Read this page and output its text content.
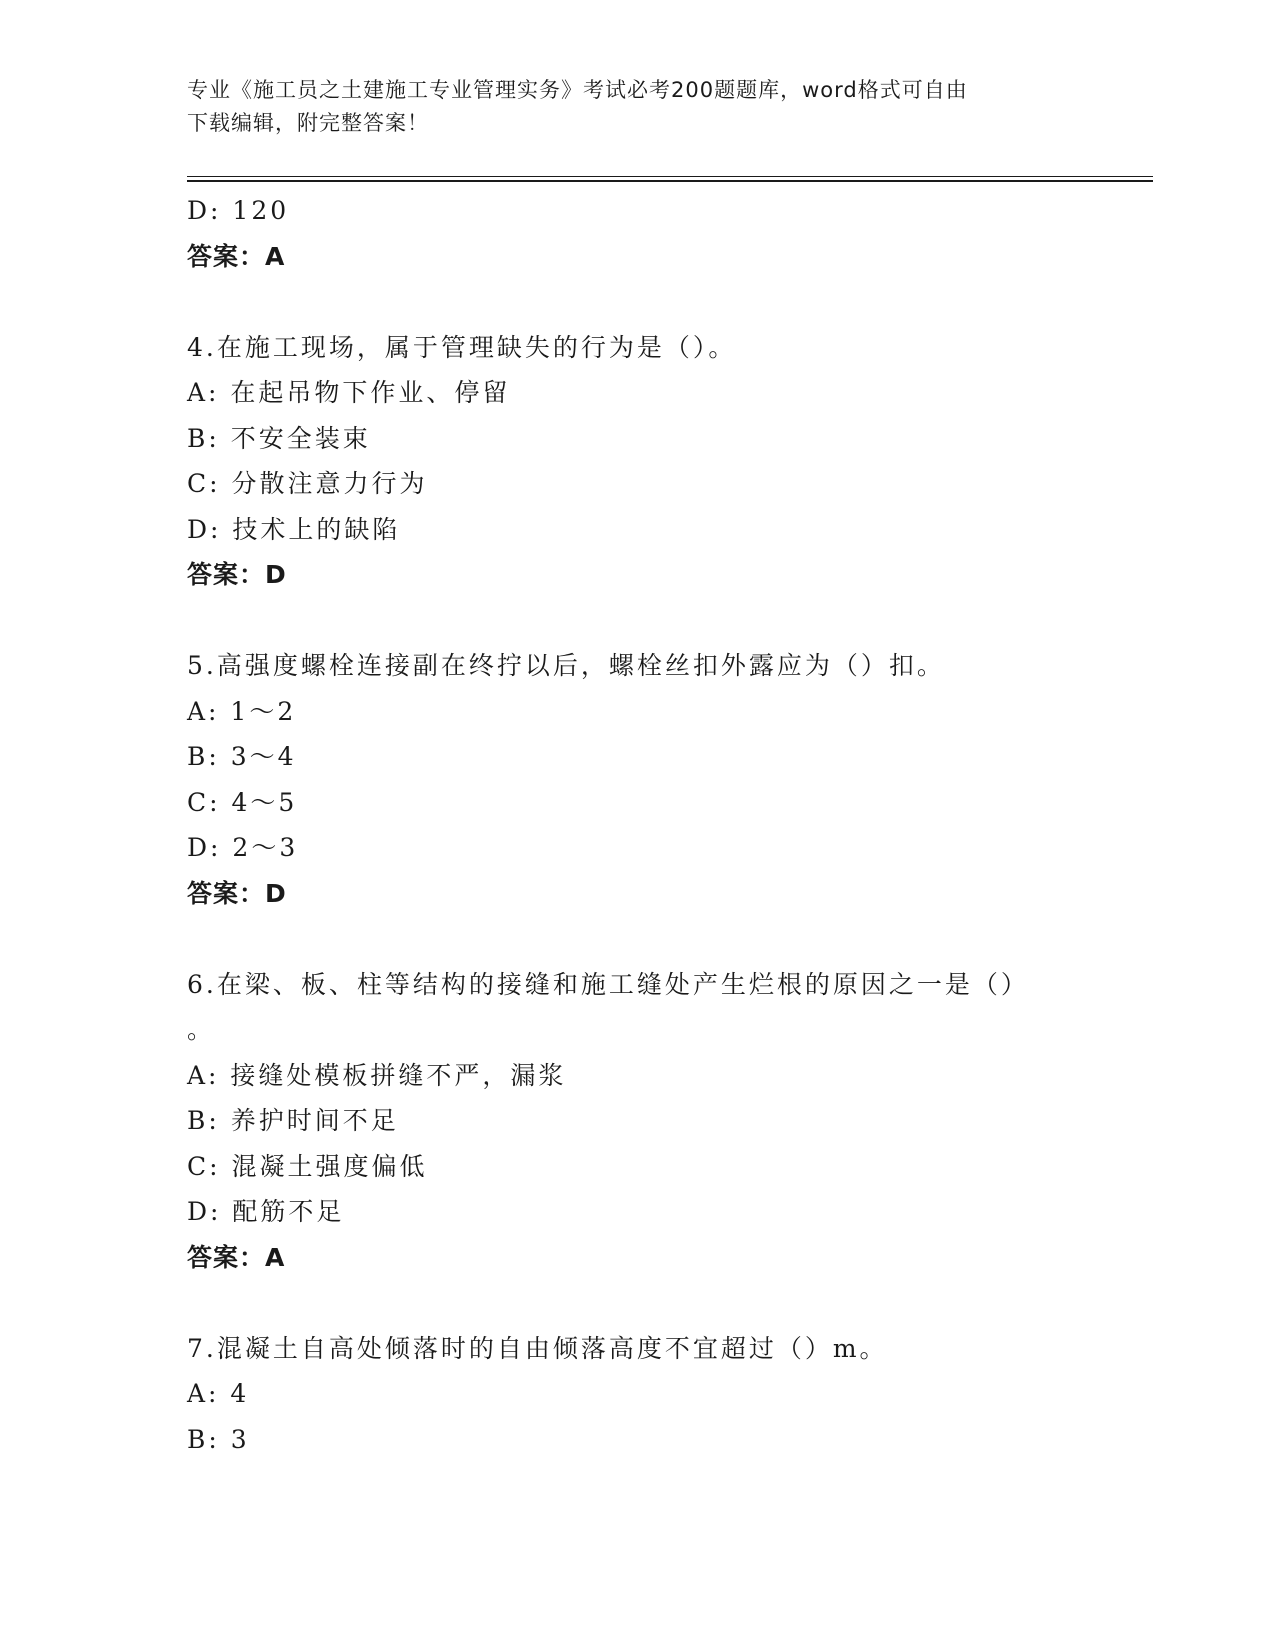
专业《施工员之土建施工专业管理实务》考试必考200题题库，word格式可自由
下载编辑，附完整答案！
D: 120
答案：A
4.在施工现场，属于管理缺失的行为是（）。
A: 在起吊物下作业、停留
B: 不安全装束
C: 分散注意力行为
D: 技术上的缺陷
答案：D
5.高强度螺栓连接副在终拧以后，螺栓丝扣外露应为（）扣。
A: 1～2
B: 3～4
C: 4～5
D: 2～3
答案：D
6.在梁、板、柱等结构的接缝和施工缝处产生烂根的原因之一是（）
。
A: 接缝处模板拼缝不严，漏浆
B: 养护时间不足
C: 混凝土强度偏低
D: 配筋不足
答案：A
7.混凝土自高处倾落时的自由倾落高度不宜超过（）m。
A: 4
B: 3
